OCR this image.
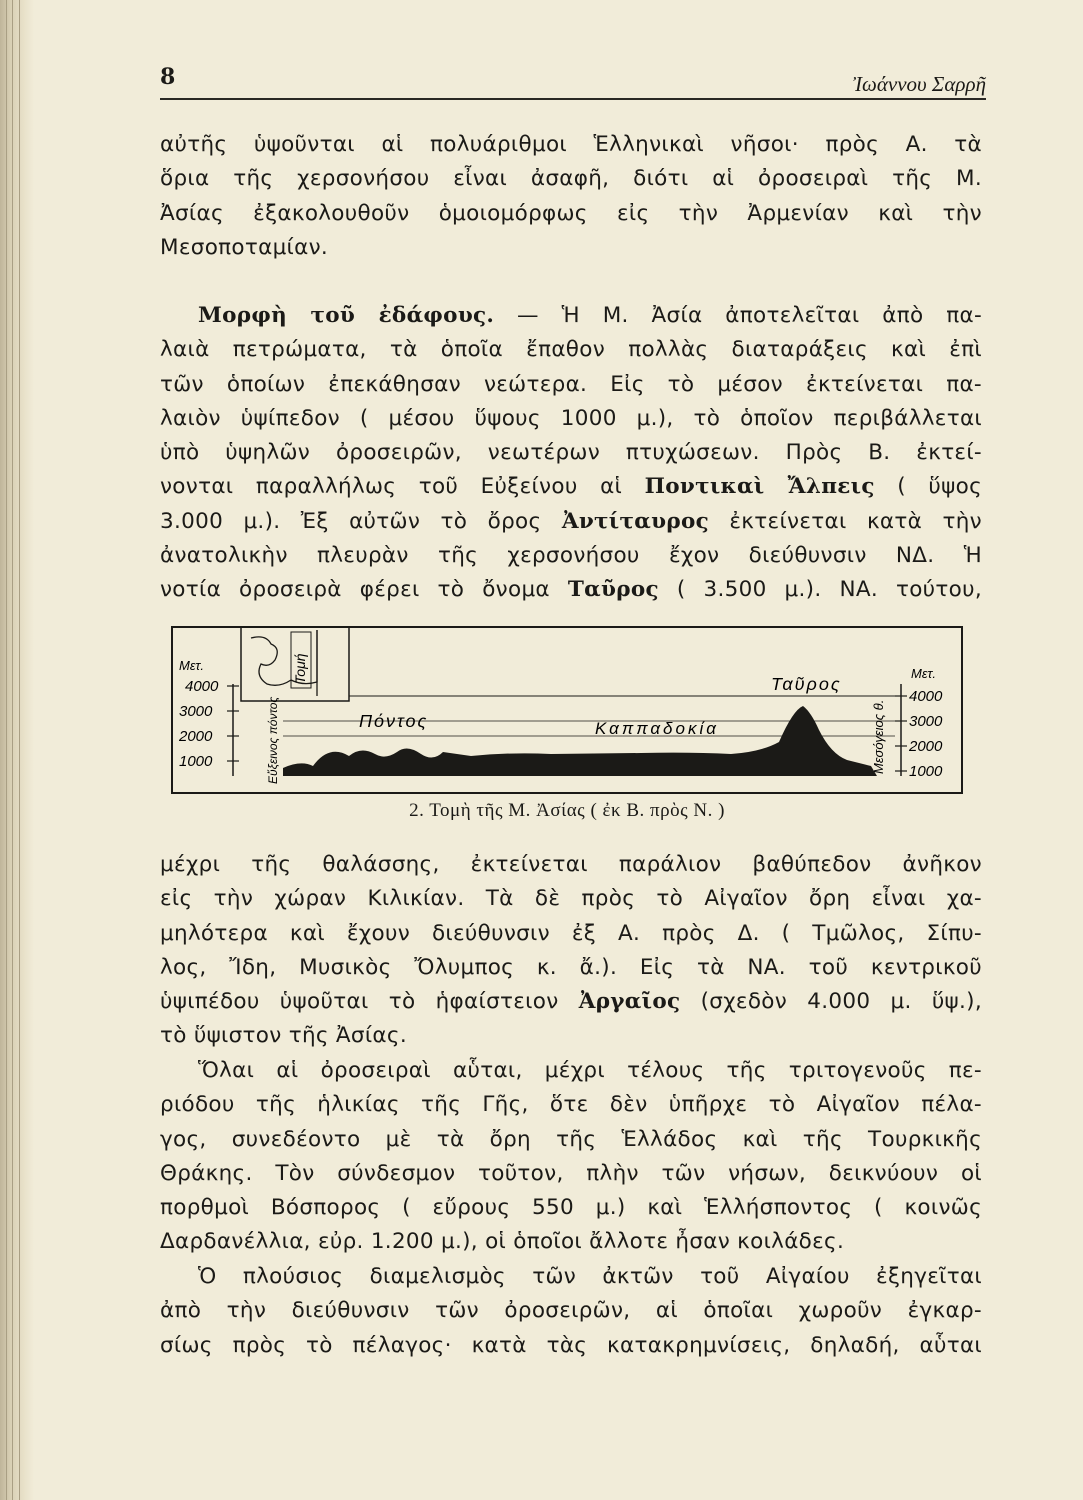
8	Ἰωάννου Σαρρῆ
αὐτῆς ὑψοῦνται αἱ πολυάριθμοι Ἑλληνικαὶ νῆσοι· πρὸς Α. τὰ
ὅρια τῆς χερσονήσου εἶναι ἀσαφῆ, διότι αἱ ὀροσειραὶ τῆς Μ.
Ἀσίας ἐξακολουθοῦν ὁμοιομόρφως εἰς τὴν Ἀρμενίαν καὶ τὴν
Μεσοποταμίαν.
Μορφὴ τοῦ ἐδάφους. — Ἡ Μ. Ἀσία ἀποτελεῖται ἀπὸ πα-
λαιὰ πετρώματα, τὰ ὁποῖα ἔπαθον πολλὰς διαταράξεις καὶ ἐπὶ
τῶν ὁποίων ἐπεκάθησαν νεώτερα. Εἰς τὸ μέσον ἐκτείνεται πα-
λαιὸν ὑψίπεδον ( μέσου ὕψους 1000 μ.), τὸ ὁποῖον περιβάλλεται
ὑπὸ ὑψηλῶν ὀροσειρῶν, νεωτέρων πτυχώσεων. Πρὸς Β. ἐκτεί-
νονται παραλλήλως τοῦ Εὐξείνου αἱ Ποντικαὶ Ἄλπεις ( ὕψος
3.000 μ.). Ἐξ αὐτῶν τὸ ὄρος Ἀντίταυρος ἐκτείνεται κατὰ τὴν
ἀνατολικὴν πλευρὰν τῆς χερσονήσου ἔχον διεύθυνσιν ΝΔ. Ἡ
νοτία ὀροσειρὰ φέρει τὸ ὄνομα Ταῦρος ( 3.500 μ.). ΝΑ. τούτου,
Τομή
Μετ.
Μετ.
4000
3000
2000
1000	Εὔξεινος πόντος
4000
3000
2000
1000
Μεσόγειος θ.
Πόντος	Καππαδοκία
Ταῦρος
2. Τομὴ τῆς Μ. Ἀσίας ( ἐκ Β. πρὸς Ν. )
μέχρι τῆς θαλάσσης, ἐκτείνεται παράλιον βαθύπεδον ἀνῆκον
εἰς τὴν χώραν Κιλικίαν. Τὰ δὲ πρὸς τὸ Αἰγαῖον ὄρη εἶναι χα-
μηλότερα καὶ ἔχουν διεύθυνσιν ἐξ Α. πρὸς Δ. ( Τμῶλος, Σίπυ-
λος, Ἴδη, Μυσικὸς Ὄλυμπος κ. ἄ.). Εἰς τὰ ΝΑ. τοῦ κεντρικοῦ
ὑψιπέδου ὑψοῦται τὸ ἡφαίστειον Ἀργαῖος (σχεδὸν 4.000 μ. ὕψ.),
τὸ ὕψιστον τῆς Ἀσίας.
Ὅλαι αἱ ὀροσειραὶ αὗται, μέχρι τέλους τῆς τριτογενοῦς πε-
ριόδου τῆς ἡλικίας τῆς Γῆς, ὅτε δὲν ὑπῆρχε τὸ Αἰγαῖον πέλα-
γος, συνεδέοντο μὲ τὰ ὄρη τῆς Ἑλλάδος καὶ τῆς Τουρκικῆς
Θράκης. Τὸν σύνδεσμον τοῦτον, πλὴν τῶν νήσων, δεικνύουν οἱ
πορθμοὶ Βόσπορος ( εὔρους 550 μ.) καὶ Ἑλλήσποντος ( κοινῶς
Δαρδανέλλια, εὐρ. 1.200 μ.), οἱ ὁποῖοι ἄλλοτε ἦσαν κοιλάδες.
Ὁ πλούσιος διαμελισμὸς τῶν ἀκτῶν τοῦ Αἰγαίου ἐξηγεῖται
ἀπὸ τὴν διεύθυνσιν τῶν ὀροσειρῶν, αἱ ὁποῖαι χωροῦν ἐγκαρ-
σίως πρὸς τὸ πέλαγος· κατὰ τὰς κατακρημνίσεις, δηλαδή, αὗται
